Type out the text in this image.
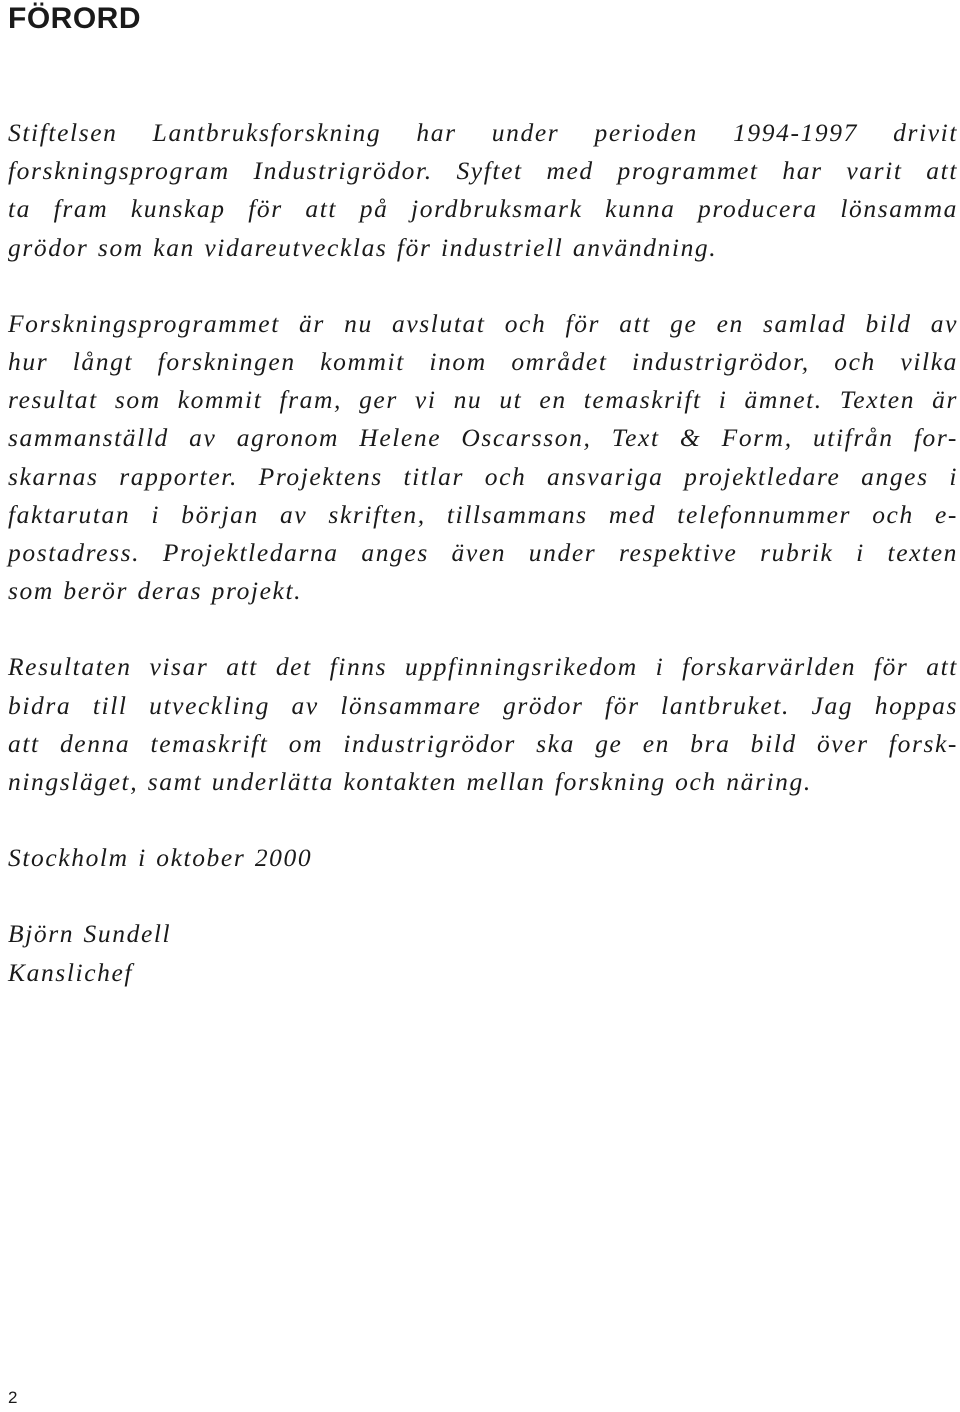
FÖRORD

Stiftelsen Lantbruksforskning har under perioden 1994-1997 drivit
forskningsprogram Industrigrödor. Syftet med programmet har varit att
ta fram kunskap för att på jordbruksmark kunna producera lönsamma
grödor som kan vidareutvecklas för industriell användning.

Forskningsprogrammet är nu avslutat och för att ge en samlad bild av
hur långt forskningen kommit inom området industrigrödor, och vilka
resultat som kommit fram, ger vi nu ut en temaskrift i ämnet. Texten är
sammanställd av agronom Helene Oscarsson, Text & Form, utifrån for-
skarnas rapporter. Projektens titlar och ansvariga projektledare anges i
faktarutan i början av skriften, tillsammans med telefonnummer och e-
postadress. Projektledarna anges även under respektive rubrik i texten
som berör deras projekt.

Resultaten visar att det finns uppfinningsrikedom i forskarvärlden för att
bidra till utveckling av lönsammare grödor för lantbruket. Jag hoppas
att denna temaskrift om industrigrödor ska ge en bra bild över forsk-
ningsläget, samt underlätta kontakten mellan forskning och näring.

Stockholm i oktober 2000

Björn Sundell
Kanslichef

2
